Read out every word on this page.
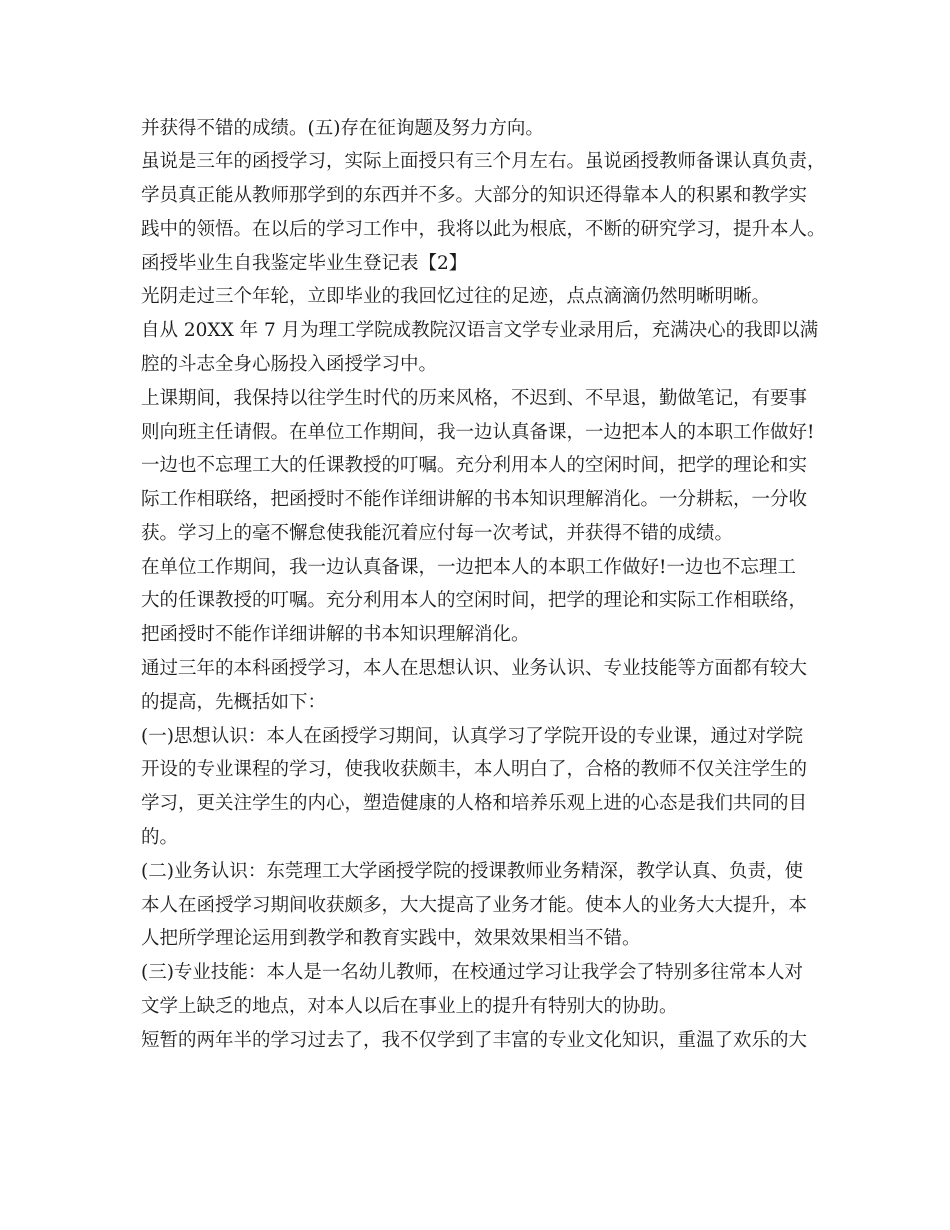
并获得不错的成绩。(五)存在征询题及努力方向。
虽说是三年的函授学习，实际上面授只有三个月左右。虽说函授教师备课认真负责，
学员真正能从教师那学到的东西并不多。大部分的知识还得靠本人的积累和教学实
践中的领悟。在以后的学习工作中，我将以此为根底，不断的研究学习，提升本人。
函授毕业生自我鉴定毕业生登记表【2】
光阴走过三个年轮，立即毕业的我回忆过往的足迹，点点滴滴仍然明晰明晰。
自从 20XX 年 7 月为理工学院成教院汉语言文学专业录用后，充满决心的我即以满
腔的斗志全身心肠投入函授学习中。
上课期间，我保持以往学生时代的历来风格，不迟到、不早退，勤做笔记，有要事
则向班主任请假。在单位工作期间，我一边认真备课，一边把本人的本职工作做好!
一边也不忘理工大的任课教授的叮嘱。充分利用本人的空闲时间，把学的理论和实
际工作相联络，把函授时不能作详细讲解的书本知识理解消化。一分耕耘，一分收
获。学习上的毫不懈怠使我能沉着应付每一次考试，并获得不错的成绩。
在单位工作期间，我一边认真备课，一边把本人的本职工作做好!一边也不忘理工
大的任课教授的叮嘱。充分利用本人的空闲时间，把学的理论和实际工作相联络，
把函授时不能作详细讲解的书本知识理解消化。
通过三年的本科函授学习，本人在思想认识、业务认识、专业技能等方面都有较大
的提高，先概括如下：
(一)思想认识：本人在函授学习期间，认真学习了学院开设的专业课，通过对学院
开设的专业课程的学习，使我收获颇丰，本人明白了，合格的教师不仅关注学生的
学习，更关注学生的内心，塑造健康的人格和培养乐观上进的心态是我们共同的目
的。
(二)业务认识：东莞理工大学函授学院的授课教师业务精深，教学认真、负责，使
本人在函授学习期间收获颇多，大大提高了业务才能。使本人的业务大大提升，本
人把所学理论运用到教学和教育实践中，效果效果相当不错。
(三)专业技能：本人是一名幼儿教师，在校通过学习让我学会了特别多往常本人对
文学上缺乏的地点，对本人以后在事业上的提升有特别大的协助。
短暂的两年半的学习过去了，我不仅学到了丰富的专业文化知识，重温了欢乐的大
